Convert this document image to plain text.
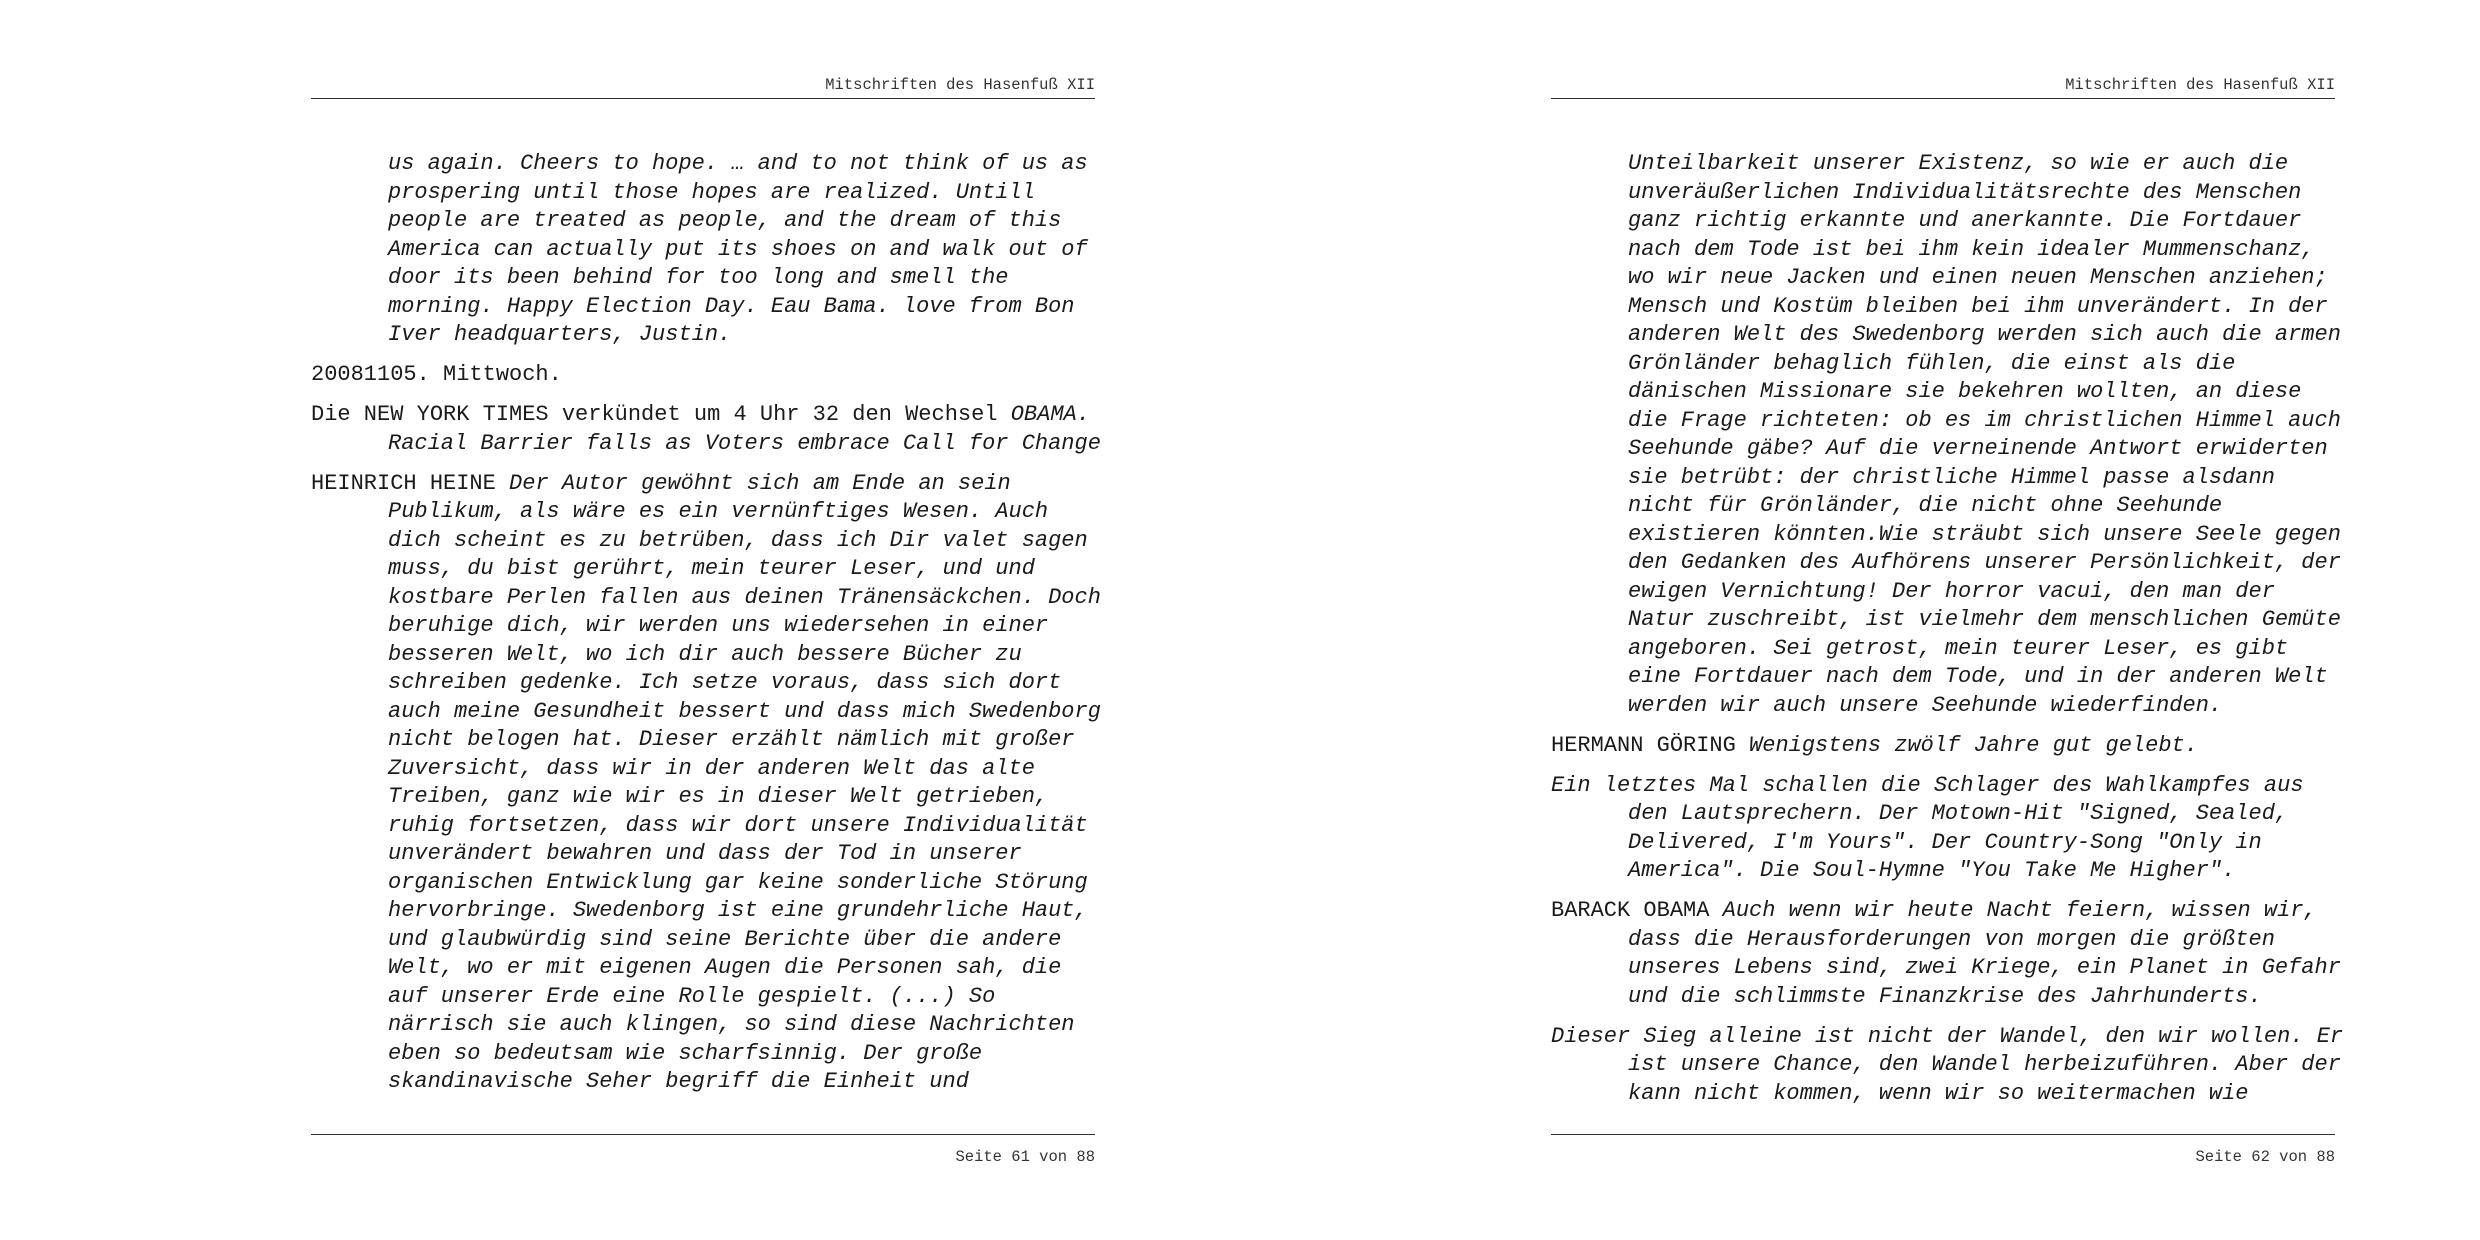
Mitschriften des Hasenfuß XII
us again. Cheers to hope. … and to not think of us as
prospering until those hopes are realized. Untill
people are treated as people, and the dream of this
America can actually put its shoes on and walk out of
door its been behind for too long and smell the
morning. Happy Election Day. Eau Bama. love from Bon
Iver headquarters, Justin.
20081105. Mittwoch.
Die NEW YORK TIMES verkündet um 4 Uhr 32 den Wechsel OBAMA.
Racial Barrier falls as Voters embrace Call for Change
HEINRICH HEINE Der Autor gewöhnt sich am Ende an sein
Publikum, als wäre es ein vernünftiges Wesen. Auch
dich scheint es zu betrüben, dass ich Dir valet sagen
muss, du bist gerührt, mein teurer Leser, und und
kostbare Perlen fallen aus deinen Tränensäckchen. Doch
beruhige dich, wir werden uns wiedersehen in einer
besseren Welt, wo ich dir auch bessere Bücher zu
schreiben gedenke. Ich setze voraus, dass sich dort
auch meine Gesundheit bessert und dass mich Swedenborg
nicht belogen hat. Dieser erzählt nämlich mit großer
Zuversicht, dass wir in der anderen Welt das alte
Treiben, ganz wie wir es in dieser Welt getrieben,
ruhig fortsetzen, dass wir dort unsere Individualität
unverändert bewahren und dass der Tod in unserer
organischen Entwicklung gar keine sonderliche Störung
hervorbringe. Swedenborg ist eine grundehrliche Haut,
und glaubwürdig sind seine Berichte über die andere
Welt, wo er mit eigenen Augen die Personen sah, die
auf unserer Erde eine Rolle gespielt. (...) So
närrisch sie auch klingen, so sind diese Nachrichten
eben so bedeutsam wie scharfsinnig. Der große
skandinavische Seher begriff die Einheit und
Seite 61 von 88
Mitschriften des Hasenfuß XII
Unteilbarkeit unserer Existenz, so wie er auch die
unveräußerlichen Individualitätsrechte des Menschen
ganz richtig erkannte und anerkannte. Die Fortdauer
nach dem Tode ist bei ihm kein idealer Mummenschanz,
wo wir neue Jacken und einen neuen Menschen anziehen;
Mensch und Kostüm bleiben bei ihm unverändert. In der
anderen Welt des Swedenborg werden sich auch die armen
Grönländer behaglich fühlen, die einst als die
dänischen Missionare sie bekehren wollten, an diese
die Frage richteten: ob es im christlichen Himmel auch
Seehunde gäbe? Auf die verneinende Antwort erwiderten
sie betrübt: der christliche Himmel passe alsdann
nicht für Grönländer, die nicht ohne Seehunde
existieren könnten.Wie sträubt sich unsere Seele gegen
den Gedanken des Aufhörens unserer Persönlichkeit, der
ewigen Vernichtung! Der horror vacui, den man der
Natur zuschreibt, ist vielmehr dem menschlichen Gemüte
angeboren. Sei getrost, mein teurer Leser, es gibt
eine Fortdauer nach dem Tode, und in der anderen Welt
werden wir auch unsere Seehunde wiederfinden.
HERMANN GÖRING Wenigstens zwölf Jahre gut gelebt.
Ein letztes Mal schallen die Schlager des Wahlkampfes aus
den Lautsprechern. Der Motown-Hit "Signed, Sealed,
Delivered, I'm Yours". Der Country-Song "Only in
America". Die Soul-Hymne "You Take Me Higher".
BARACK OBAMA Auch wenn wir heute Nacht feiern, wissen wir,
dass die Herausforderungen von morgen die größten
unseres Lebens sind, zwei Kriege, ein Planet in Gefahr
und die schlimmste Finanzkrise des Jahrhunderts.
Dieser Sieg alleine ist nicht der Wandel, den wir wollen. Er
ist unsere Chance, den Wandel herbeizuführen. Aber der
kann nicht kommen, wenn wir so weitermachen wie
Seite 62 von 88
